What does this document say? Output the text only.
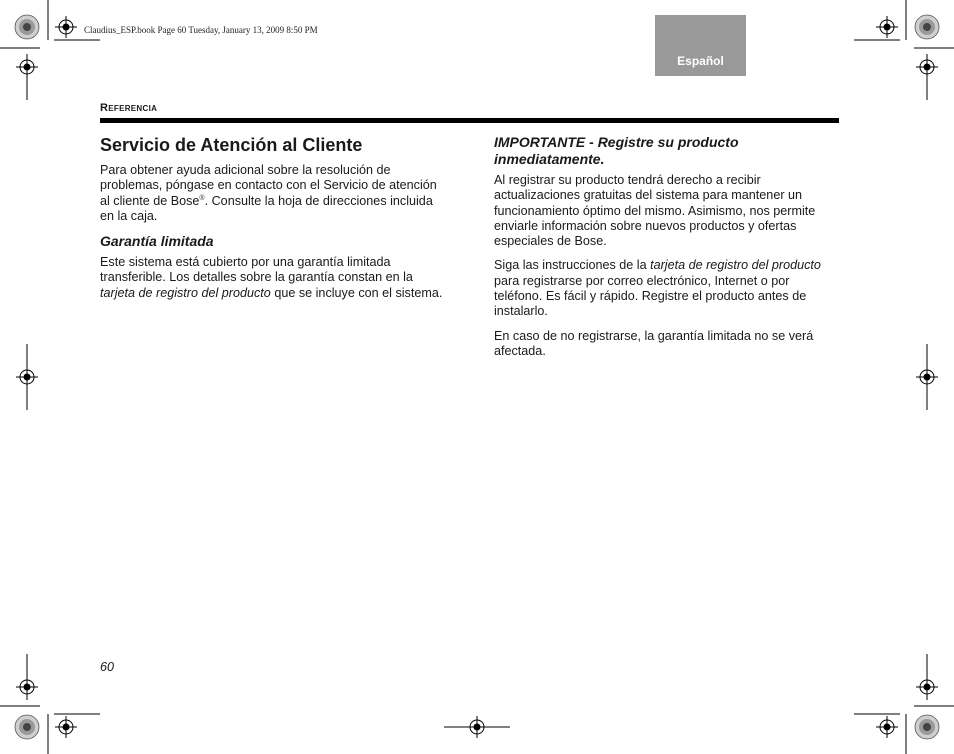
Claudius_ESP.book Page 60 Tuesday, January 13, 2009 8:50 PM
Español
Referencia
Servicio de Atención al Cliente

Para obtener ayuda adicional sobre la resolución de problemas, póngase en contacto con el Servicio de atención al cliente de Bose®. Consulte la hoja de direcciones incluida en la caja.

Garantía limitada

Este sistema está cubierto por una garantía limitada transferible. Los detalles sobre la garantía constan en la tarjeta de registro del producto que se incluye con el sistema.

IMPORTANTE - Registre su producto inmediatamente.

Al registrar su producto tendrá derecho a recibir actualizaciones gratuitas del sistema para mantener un funcionamiento óptimo del mismo. Asimismo, nos permite enviarle información sobre nuevos productos y ofertas especiales de Bose.

Siga las instrucciones de la tarjeta de registro del producto para registrarse por correo electrónico, Internet o por teléfono. Es fácil y rápido. Registre el producto antes de instalarlo.

En caso de no registrarse, la garantía limitada no se verá afectada.

60
